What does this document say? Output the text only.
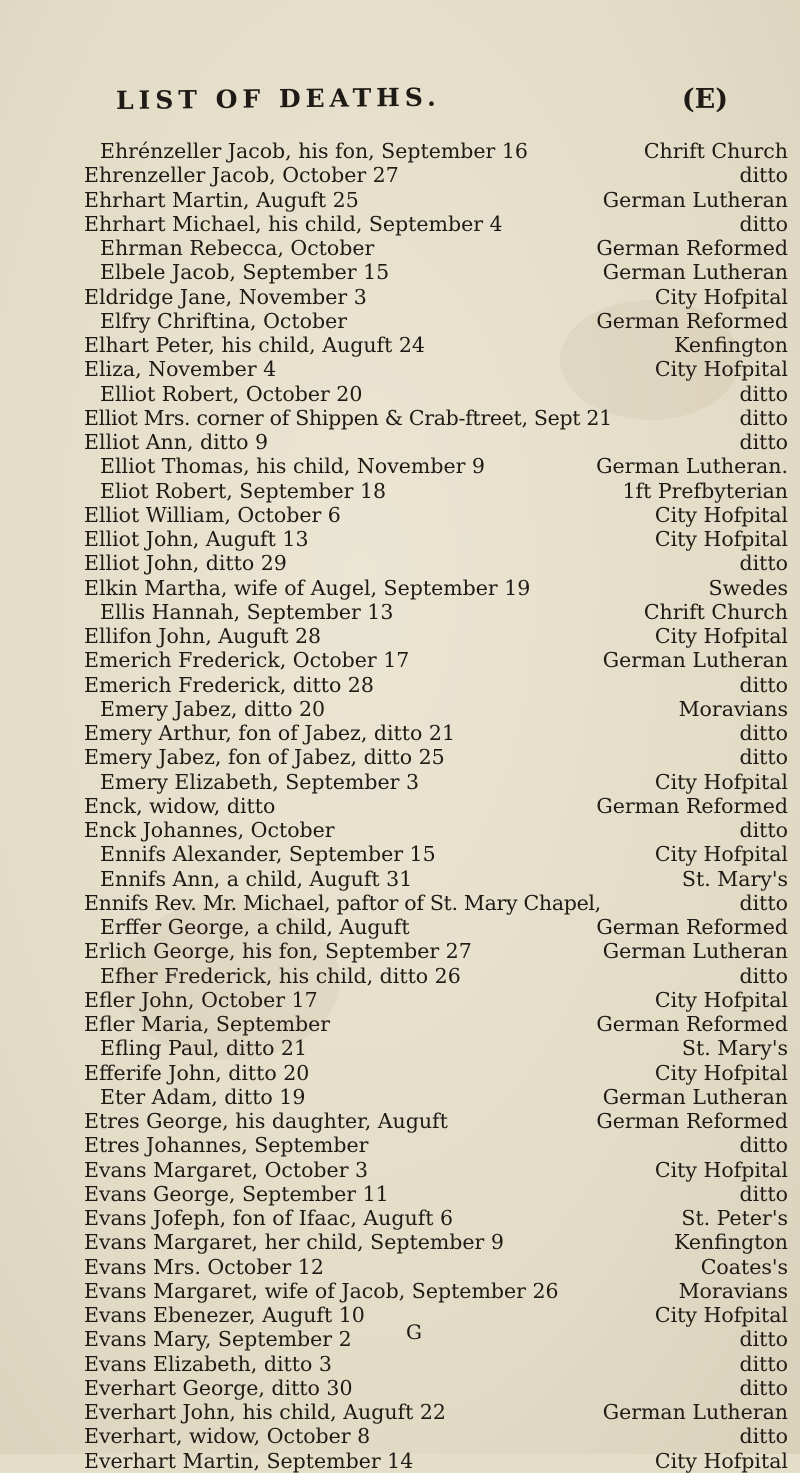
LIST OF DEATHS.	(E)
Ehrénzeller Jacob, his fon, September 16	Chrift Church
Ehrenzeller Jacob, October 27	ditto
Ehrhart Martin, Auguft 25	German Lutheran
Ehrhart Michael, his child, September 4	ditto
Ehrman Rebecca, October	German Reformed
Elbele Jacob, September 15	German Lutheran
Eldridge Jane, November 3	City Hofpital
Elfry Chriftina, October	German Reformed
Elhart Peter, his child, Auguft 24	Kenfington
Eliza, November 4	City Hofpital
Elliot Robert, October 20	ditto
Elliot Mrs. corner of Shippen & Crab-ftreet, Sept 21	ditto
Elliot Ann, ditto 9	ditto
Elliot Thomas, his child, November 9	German Lutheran.
Eliot Robert, September 18	1ft Prefbyterian
Elliot William, October 6	City Hofpital
Elliot John, Auguft 13	City Hofpital
Elliot John, ditto 29	ditto
Elkin Martha, wife of Augel, September 19	Swedes
Ellis Hannah, September 13	Chrift Church
Ellifon John, Auguft 28	City Hofpital
Emerich Frederick, October 17	German Lutheran
Emerich Frederick, ditto 28	ditto
Emery Jabez, ditto 20	Moravians
Emery Arthur, fon of Jabez, ditto 21	ditto
Emery Jabez, fon of Jabez, ditto 25	ditto
Emery Elizabeth, September 3	City Hofpital
Enck, widow, ditto	German Reformed
Enck Johannes, October	ditto
Ennifs Alexander, September 15	City Hofpital
Ennifs Ann, a child, Auguft 31	St. Mary's
Ennifs Rev. Mr. Michael, paftor of St. Mary Chapel,	ditto
Erffer George, a child, Auguft	German Reformed
Erlich George, his fon, September 27	German Lutheran
Efher Frederick, his child, ditto 26	ditto
Efler John, October 17	City Hofpital
Efler Maria, September	German Reformed
Efling Paul, ditto 21	St. Mary's
Efferife John, ditto 20	City Hofpital
Eter Adam, ditto 19	German Lutheran
Etres George, his daughter, Auguft	German Reformed
Etres Johannes, September	ditto
Evans Margaret, October 3	City Hofpital
Evans George, September 11	ditto
Evans Jofeph, fon of Ifaac, Auguft 6	St. Peter's
Evans Margaret, her child, September 9	Kenfington
Evans Mrs. October 12	Coates's
Evans Margaret, wife of Jacob, September 26	Moravians
Evans Ebenezer, Auguft 10	City Hofpital
Evans Mary, September 2	ditto
Evans Elizabeth, ditto 3	ditto
Everhart George, ditto 30	ditto
Everhart John, his child, Auguft 22	German Lutheran
Everhart, widow, October 8	ditto
Everhart Martin, September 14	City Hofpital
G
